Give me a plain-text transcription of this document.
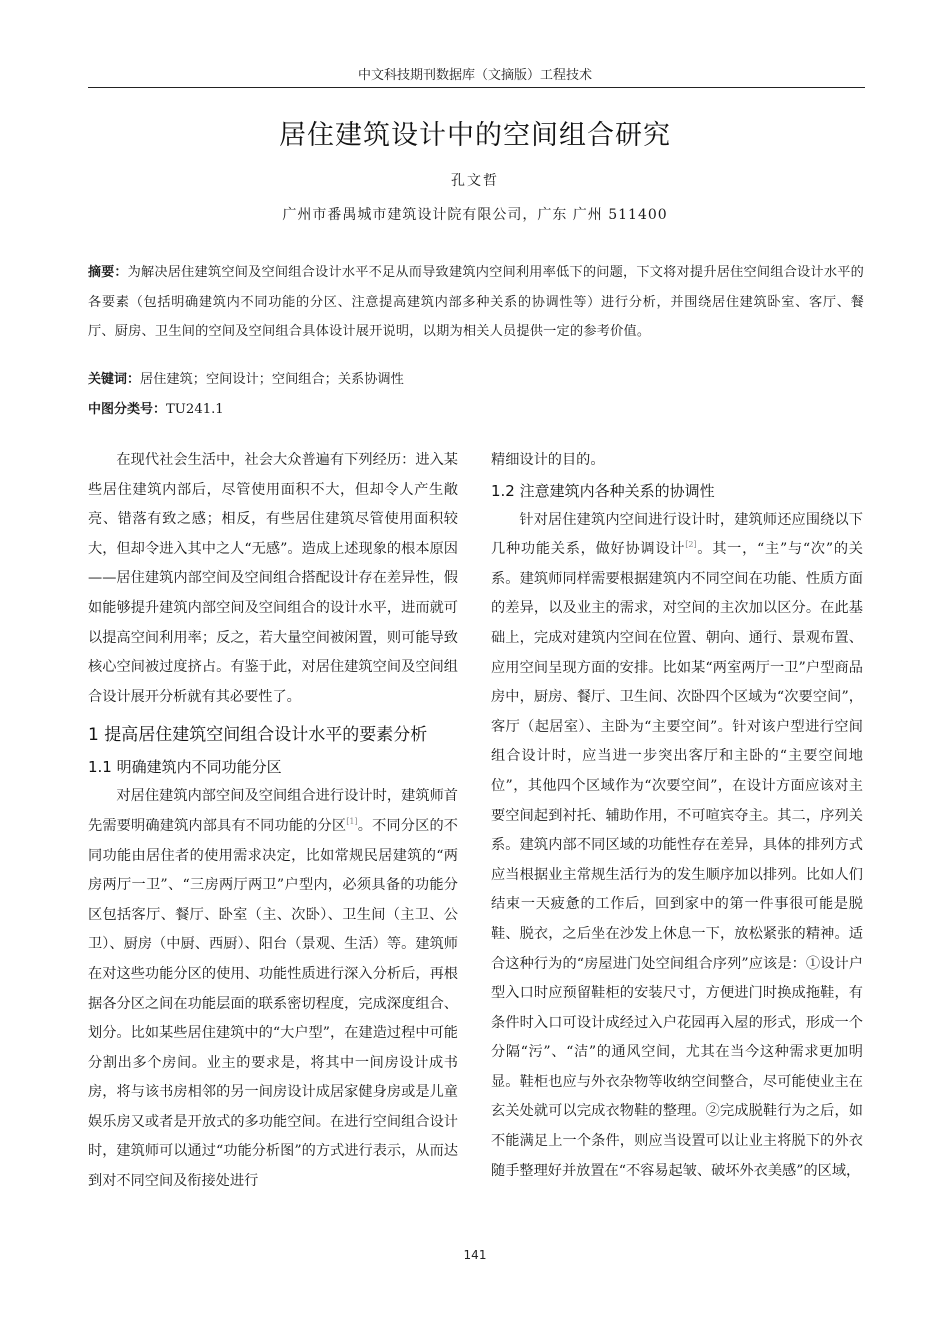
中文科技期刊数据库（文摘版）工程技术
居住建筑设计中的空间组合研究
孔文哲
广州市番禺城市建筑设计院有限公司，广东 广州 511400
摘要：为解决居住建筑空间及空间组合设计水平不足从而导致建筑内空间利用率低下的问题，下文将对提升居住空间组合设计水平的各要素（包括明确建筑内不同功能的分区、注意提高建筑内部多种关系的协调性等）进行分析，并围绕居住建筑卧室、客厅、餐厅、厨房、卫生间的空间及空间组合具体设计展开说明，以期为相关人员提供一定的参考价值。
关键词：居住建筑；空间设计；空间组合；关系协调性
中图分类号：TU241.1

在现代社会生活中，社会大众普遍有下列经历：进入某些居住建筑内部后，尽管使用面积不大，但却令人产生敞亮、错落有致之感；相反，有些居住建筑尽管使用面积较大，但却令进入其中之人“无感”。造成上述现象的根本原因——居住建筑内部空间及空间组合搭配设计存在差异性，假如能够提升建筑内部空间及空间组合的设计水平，进而就可以提高空间利用率；反之，若大量空间被闲置，则可能导致核心空间被过度挤占。有鉴于此，对居住建筑空间及空间组合设计展开分析就有其必要性了。

1 提高居住建筑空间组合设计水平的要素分析
1.1 明确建筑内不同功能分区

对居住建筑内部空间及空间组合进行设计时，建筑师首先需要明确建筑内部具有不同功能的分区[1]。不同分区的不同功能由居住者的使用需求决定，比如常规民居建筑的“两房两厅一卫”、“三房两厅两卫”户型内，必须具备的功能分区包括客厅、餐厅、卧室（主、次卧）、卫生间（主卫、公卫）、厨房（中厨、西厨）、阳台（景观、生活）等。建筑师在对这些功能分区的使用、功能性质进行深入分析后，再根据各分区之间在功能层面的联系密切程度，完成深度组合、划分。比如某些居住建筑中的“大户型”，在建造过程中可能分割出多个房间。业主的要求是，将其中一间房设计成书房，将与该书房相邻的另一间房设计成居家健身房或是儿童娱乐房又或者是开放式的多功能空间。在进行空间组合设计时，建筑师可以通过“功能分析图”的方式进行表示，从而达到对不同空间及衔接处进行

精细设计的目的。

1.2 注意建筑内各种关系的协调性

针对居住建筑内空间进行设计时，建筑师还应围绕以下几种功能关系，做好协调设计[2]。其一，“主”与“次”的关系。建筑师同样需要根据建筑内不同空间在功能、性质方面的差异，以及业主的需求，对空间的主次加以区分。在此基础上，完成对建筑内空间在位置、朝向、通行、景观布置、应用空间呈现方面的安排。比如某“两室两厅一卫”户型商品房中，厨房、餐厅、卫生间、次卧四个区域为“次要空间”，客厅（起居室）、主卧为“主要空间”。针对该户型进行空间组合设计时，应当进一步突出客厅和主卧的“主要空间地位”，其他四个区域作为“次要空间”，在设计方面应该对主要空间起到衬托、辅助作用，不可喧宾夺主。其二，序列关系。建筑内部不同区域的功能性存在差异，具体的排列方式应当根据业主常规生活行为的发生顺序加以排列。比如人们结束一天疲惫的工作后，回到家中的第一件事很可能是脱鞋、脱衣，之后坐在沙发上休息一下，放松紧张的精神。适合这种行为的“房屋进门处空间组合序列”应该是：①设计户型入口时应预留鞋柜的安装尺寸，方便进门时换成拖鞋，有条件时入口可设计成经过入户花园再入屋的形式，形成一个分隔“污”、“洁”的通风空间，尤其在当今这种需求更加明显。鞋柜也应与外衣杂物等收纳空间整合，尽可能使业主在玄关处就可以完成衣物鞋的整理。②完成脱鞋行为之后，如不能满足上一个条件，则应当设置可以让业主将脱下的外衣随手整理好并放置在“不容易起皱、破坏外衣美感”的区域，

141
